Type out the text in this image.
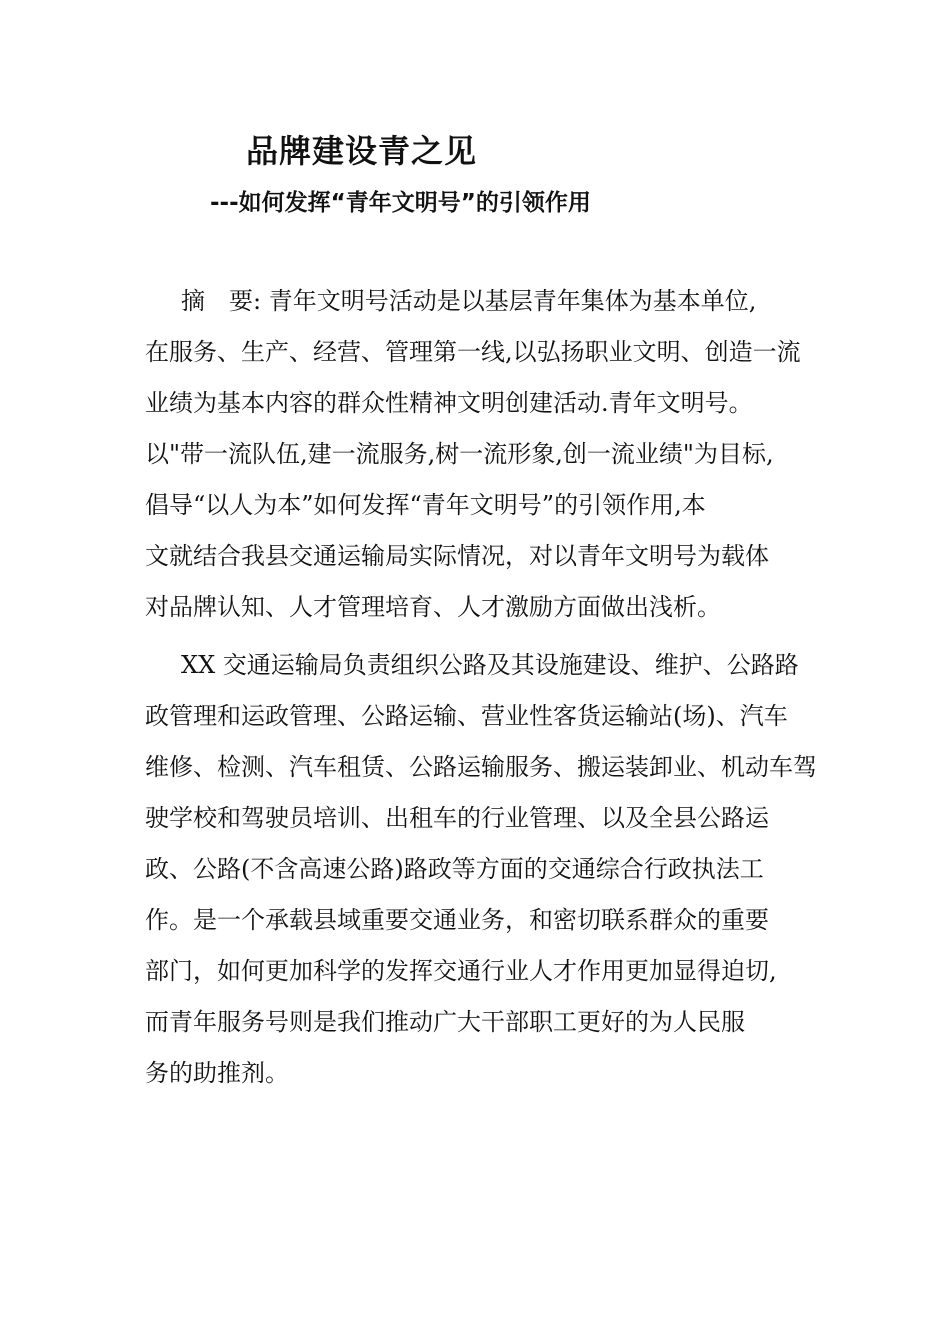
品牌建设青之见
---如何发挥“青年文明号”的引领作用
摘　要: 青年文明号活动是以基层青年集体为基本单位,
在服务、生产、经营、管理第一线,以弘扬职业文明、创造一流
业绩为基本内容的群众性精神文明创建活动.青年文明号。
以"带一流队伍,建一流服务,树一流形象,创一流业绩"为目标,
倡导“以人为本”如何发挥“青年文明号”的引领作用,本
文就结合我县交通运输局实际情况，对以青年文明号为载体
对品牌认知、人才管理培育、人才激励方面做出浅析。
XX 交通运输局负责组织公路及其设施建设、维护、公路路
政管理和运政管理、公路运输、营业性客货运输站(场)、汽车
维修、检测、汽车租赁、公路运输服务、搬运装卸业、机动车驾
驶学校和驾驶员培训、出租车的行业管理、以及全县公路运
政、公路(不含高速公路)路政等方面的交通综合行政执法工
作。是一个承载县域重要交通业务，和密切联系群众的重要
部门，如何更加科学的发挥交通行业人才作用更加显得迫切,
而青年服务号则是我们推动广大干部职工更好的为人民服
务的助推剂。
